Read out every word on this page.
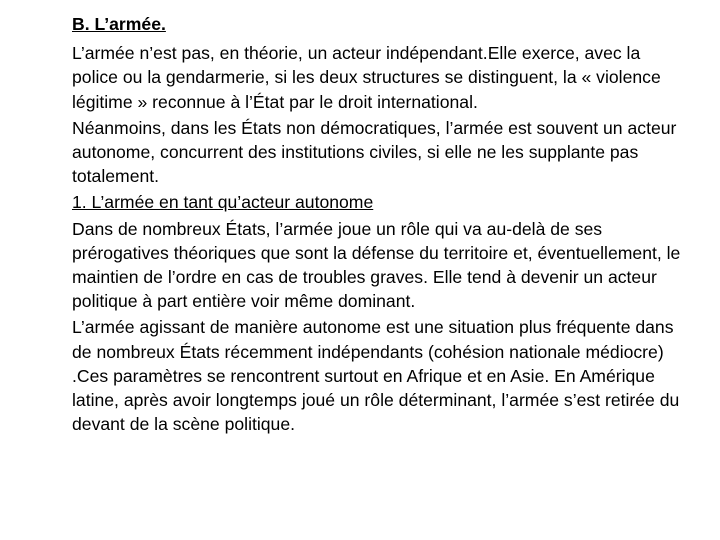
B. L’armée.
L’armée n’est pas, en théorie, un acteur indépendant.Elle exerce, avec la police ou la gendarmerie, si les deux structures se distinguent, la « violence légitime » reconnue à l’État par le droit international.
Néanmoins, dans les États non démocratiques, l’armée est souvent un acteur autonome, concurrent des institutions civiles, si elle ne les supplante pas totalement.
1. L’armée en tant qu’acteur autonome
Dans de nombreux États, l’armée joue un rôle qui va au-delà de ses prérogatives théoriques que sont la défense du territoire et, éventuellement, le maintien de l’ordre en cas de troubles graves. Elle tend à devenir un acteur politique à part entière voir même dominant.
L’armée agissant de manière autonome est une situation plus fréquente dans de nombreux États récemment indépendants (cohésion nationale médiocre) .Ces paramètres se rencontrent surtout en Afrique et en Asie. En Amérique latine, après avoir longtemps joué un rôle déterminant, l’armée s’est retirée du devant de la scène politique.
